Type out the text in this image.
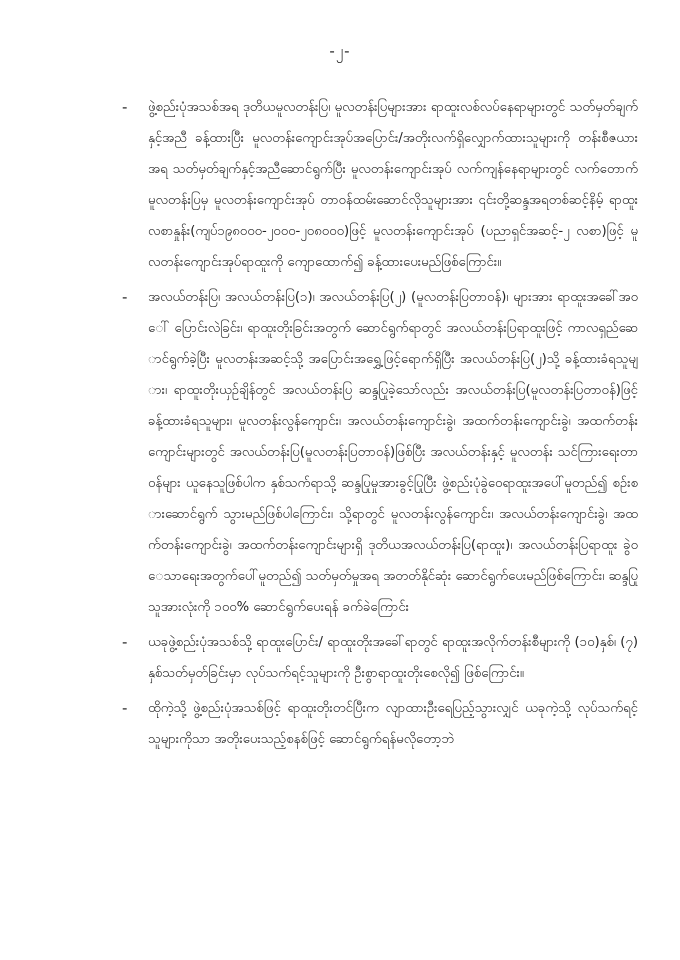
-၂-
- ဖွဲ့စည်းပုံအသစ်အရ ဒုတိယမူလတန်းပြ၊ မူလတန်းပြများအား ရာထူးလစ်လပ်နေရာများတွင် သတ်မှတ်ချက်နှင့်အညီ ခန့်ထားပြီး မူလတန်းကျောင်းအုပ်အပြောင်း/အတိုးလက်ရှိလျှောက်ထားသူများကို တန်းစီဇယားအရ သတ်မှတ်ချက်နှင့်အညီဆောင်ရွက်ပြီး မူလတန်းကျောင်းအုပ် လက်ကျန်နေရာများတွင် လက်တောက်မူလတန်းပြမှ မူလတန်းကျောင်းအုပ် တာဝန်ထမ်းဆောင်လိုသူများအား ၎င်းတို့ဆန္ဒအရတစ်ဆင့်နိမ့် ရာထူးလစာနှုန်း(ကျပ်၁၉၈၀၀၀-၂၀၀၀-၂၀၈၀၀၀)ဖြင့် မူလတန်းကျောင်းအုပ် (ပညာရှင်အဆင့်-၂ လစာ)ဖြင့် မူလတန်းကျောင်းအုပ်ရာထူးကို ကျောထောက်၍ ခန့်ထားပေးမည်ဖြစ်ကြောင်း။

- အလယ်တန်းပြ၊ အလယ်တန်းပြ(၁)၊ အလယ်တန်းပြ(၂) (မူလတန်းပြတာဝန်)၊ များအား ရာထူးအခေါ်အဝေါ် ပြောင်းလဲခြင်း၊ ရာထူးတိုးခြင်းအတွက် ဆောင်ရွက်ရာတွင် အလယ်တန်းပြရာထူးဖြင့် ကာလရှည်ဆောင်ရွက်ခဲ့ပြီး မူလတန်းအဆင့်သို့ အပြောင်းအရွှေ့ဖြင့်ရောက်ရှိပြီး အလယ်တန်းပြ(၂)သို့ ခန့်ထားခံရသူများ၊ ရာထူးတိုးယှဉ်ချိန်တွင် အလယ်တန်းပြ ဆန္ဒပြုခဲ့သော်လည်း အလယ်တန်းပြ(မူလတန်းပြတာဝန်)ဖြင့် ခန့်ထားခံရသူများ၊ မူလတန်းလွန်ကျောင်း၊ အလယ်တန်းကျောင်းခွဲ၊ အထက်တန်းကျောင်းခွဲ၊ အထက်တန်းကျောင်းများတွင် အလယ်တန်းပြ(မူလတန်းပြတာဝန်)ဖြစ်ပြီး အလယ်တန်းနှင့် မူလတန်း သင်ကြားရေးတာဝန်များ ယူနေသူဖြစ်ပါက နှစ်သက်ရာသို့ ဆန္ဒပြုမှုအားခွင့်ပြုပြီး ဖွဲ့စည်းပုံခွဲဝေရာထူးအပေါ်မူတည်၍ စဉ်းစားဆောင်ရွက် သွားမည်ဖြစ်ပါကြောင်း၊ သို့ရာတွင် မူလတန်းလွန်ကျောင်း၊ အလယ်တန်းကျောင်းခွဲ၊ အထက်တန်းကျောင်းခွဲ၊ အထက်တန်းကျောင်းများရှိ ဒုတိယအလယ်တန်းပြ(ရာထူး)၊ အလယ်တန်းပြရာထူး ခွဲဝေသာရေးအတွက်ပေါ်မူတည်၍ သတ်မှတ်မှုအရ အတတ်နိုင်ဆုံး ဆောင်ရွက်ပေးမည်ဖြစ်ကြောင်း၊ ဆန္ဒပြုသူအားလုံးကို ၁၀၀% ဆောင်ရွက်ပေးရန် ခက်ခဲကြောင်း

- ယခုဖွဲ့စည်းပုံအသစ်သို့ ရာထူးပြောင်း/ ရာထူးတိုးအခေါ်ရာတွင် ရာထူးအလိုက်တန်းစီများကို (၁၀)နှစ်၊ (၇)နှစ်သတ်မှတ်ခြင်းမှာ လုပ်သက်ရင့်သူများကို ဦးစွာရာထူးတိုးစေလို၍ ဖြစ်ကြောင်း။

- ထိုကဲ့သို့ ဖွဲ့စည်းပုံအသစ်ဖြင့် ရာထူးတိုးတင်ပြီးက လျာထားဦးရေပြည့်သွားလျှင် ယခုကဲ့သို့ လုပ်သက်ရင့်သူများကိုသာ အတိုးပေးသည့်စနစ်ဖြင့် ဆောင်ရွက်ရန်မလိုတော့ဘဲ
